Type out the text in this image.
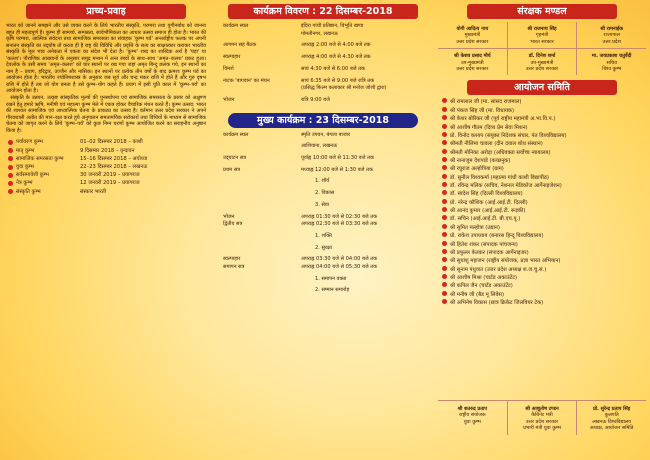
प्राच्य-प्रवाह
भारत को जानने समझने और उसे व्यक्त करने के लिये भारतीय संस्कृति, परम्परा तथा युगीनबोध को जानना बहुत ही महत्वपूर्ण है। कुम्भ ही सामर्थ्य, सम्पन्नता, सार्वभौमिकता का आधार उत्सव समाज ही होता है। भारत की कृषि परम्परा, आत्मिक संवेदना तथा सामाजिक समरसता का संवाहक 'कुम्भ पर्व' अन्तर्राष्ट्रीय फलक पर अपनी सनातन संस्कृति का उद्‌घोष तो करता ही है राष्ट्र की विविधि और प्रवृत्ति के सत्य का साक्षात्कार कराकर भारतीय संस्कृति के मूल भाव अनेकता में एकता का संदेश भी देता है। 'कुम्भ' शब्द का शाब्दिक अर्थ है 'घड़ा' या 'कलश'। पौराणिक आख्यानों के अनुसार समुद्र मन्थन में अन्त स्त्रवों के साथ–साथ 'अमृत–कलश' प्रकट हुआ। देवलोक के उसी समय 'अमृत–कलश' को चार स्थानों पर रख गया जहां अमृत बिन्दु छलक गये, इन स्थानों का नाम है – प्रयाग, हरिद्वार, उज्जैन और नासिक। इन स्थानों पर प्रत्येक तीन वर्षों के बाद क्रमशः कुम्भ पर्व का आयोजन होता है। भारतीय ज्योतिषशास्त्र के अनुसार जब सूर्य और चन्द्र मकर राशि में होते हैं और गुरु वृषभ राशि में होते हैं तब जो योग बनता है उसे कुम्भ–योग कहते हैं। प्रयाग में इसी युति काल में 'कुम्भ–पर्व' का आयोजन होता है।
संस्कृति के उन्नयन, उत्कृष्ट सांस्कृतिक मूल्यों की पुनर्स्थापना एवं सामाजिक समरसता के प्रसार को अक्षुण्ण रखने हेतु हमारे ऋषि, मनीषी एवं महात्मा कुम्भ मेले में एकत्र होकर वैचारिक मंथन करते हैं। कुम्भ उत्सव: भारत की शाश्वत सामाजिक एवं आध्यात्मिक चेतना के प्राकट्य का उत्सव है। वर्तमान उत्तर प्रदेश सरकार ने अपने गौरवशाली अतीत की मान–रक्षा करते हुये अनुपालन समतामयिक सरोकारों तथा विधियों के माध्यम से सामाजिक चेतना को जागृत करने के लिये 'कुम्भ–पर्व' को कुछ निम्न चरणों कुम्भ आयोजित करने का सराहनीय अनुष्ठान किया है।
पर्यावरण कुम्भ	01–02 दिसम्बर 2018 – काशी
मातृ कुम्भ	9 दिसम्बर 2018 – वृन्दावन
सामाजिक समरसता कुम्भ	15–16 दिसम्बर 2018 – अयोध्या
युवा कुम्भ	22–23 दिसम्बर 2018 – लखनऊ
सर्वसमावेशी कुम्भ	30 जनवरी 2019 – प्रयागराज
नेत्र कुम्भ	12 जनवरी 2019 – प्रयागराज
संस्कृति कुम्भ	संस्कार भारती
कार्यक्रम विवरण : 22 दिसम्बर-2018
कार्यक्रम स्थल	इंदिरा गांधी प्रतिष्ठान, विभूति खण्ड
गोमतीनगर, लखनऊ
आगमन सह बैठक	अपराह्न 2:00 बजे से 4:00 बजे तक
स्वल्पाहार	अपराह्न 4:00 बजे से 4:30 बजे तक
विमर्श	सायं 4:30 बजे से 6:00 बजे तक
नाटक 'बागवान' का मंचन	सायं 6:35 बजे से 9:00 बजे रात्रि तक
(प्रसिद्ध फिल्म कलाकार श्री मनोज जोशी द्वारा)
भोजन	रात्रि 9:00 बजे
मुख्य कार्यक्रम : 23 दिसम्बर-2018
कार्यक्रम स्थल	स्मृति उपवन, बंगला बाजार
आशियाना, लखनऊ
उद्‌घाटन सत्र	पूर्वाह्न 10:00 बजे से 11:30 बजे तक
प्रथम सत्र	मध्याह्न 12:00 बजे से 1:30 बजे तक
1. शौर्य
2. विकास
3. सेवा
भोजन	अपराह्न 01:30 बजे से 02:30 बजे तक
द्वितीय सत्र	अपराह्न 02:30 बजे से 03:30 बजे तक
1. शक्ति
2. सुरक्षा
स्वल्पाहार	अपराह्न 03:30 बजे से 04:00 बजे तक
समापन सत्र	अपराह्न 04:00 बजे से 05:30 बजे तक
1. समापन वक्ता
2. सम्मान समारोह
संरक्षक मण्डल
योगी आदित्य नाथ
मुख्यमंत्री
उत्तर प्रदेश सरकार
श्री राजनाथ सिंह
गृहमंत्री
भारत सरकार
श्री रामनाईक
राज्यपाल
उत्तर प्रदेश
श्री केशव प्रसाद मौर्य
उप-मुख्यमंत्री
उत्तर प्रदेश सरकार
डॉ. दिनेश शर्मा
उप-मुख्यमंत्री
उत्तर प्रदेश सरकार
मा. जयप्रकाश चतुर्वेदी
सचिव
विश्व कुम्भ
आयोजन समिति
श्री रामलाल जी (मा. सांसद राजमाल)
श्री पंकज सिंह जी (मा. विधायक)
श्री केशर बोरिकर जी (पूर्व राष्ट्रीय महामंत्री अ.भा.वि.प.)
श्री आशीष गौतम (दिव्य प्रेम सेवा मिशन)
प्रो. विनोद कश्यप (संयुक्त निदेशक संचार, पंत विश्वविद्यालय)
श्रीमती नीलिमा चावला (दीन दयाल शोध संस्थान)
श्रीमती मोनिका अरोड़ा (अधिवक्ता सर्वोच्च न्यायालय)
श्री नानाजुम देशपांडे (कच्छनुक)
श्री रघुराज अल्होत्रिया (ग्राम)
डॉ. सुनील विश्वकर्मा (महात्मा गांधी काशी विद्यापीठ)
डॉ. रविन्द्र मलिक (सचिव, नेशनल मेडिकोज आर्गेनाइजेशन)
डॉ. स्वदेश सिंह (दिल्ली विश्वविद्यालय)
प्रो. नरेन्द्र कौशिक (आई.आई.टी. दिल्ली)
श्री आनंद कुमार (आई.आई.टी. रूड़की)
डॉ. सचिन (आई.आई.टी. बी.एच.यू.)
श्री सुमित मल्होत्रा (उद्यान)
प्रो. राकेश उपाध्याय (बनारस हिन्दू विश्वविद्यालय)
श्री हितेश शंकर (संपादक पांचजन्य)
श्री प्रफुल्ल केतकर (संपादक आर्गेनाइजर)
श्री सुधांशु महाजन (राष्ट्रीय संयोजक, प्रज्ञा भारत अभियान)
श्री सुनाम पंधुवात (उत्तर प्रदेश अध्यक्ष श.ज.चु.सं.)
श्री आशीष मिश्रा (चार्टड अकाउंटेंट)
श्री कपिल जैन (चार्टड अकाउंटेंट)
श्री मनीष जी (बैड मू लिवेस)
श्री अभिनेष विकास (छात्र क्रिकेट जिलवियर टेक)
श्री शतरुद्र प्रताप
राष्ट्रीय संयोजक
युवा कुम्भ
श्री आशुतोष टण्डन
कैबिनेट मंत्री
उत्तर प्रदेश सरकार
प्रभारी मंत्री युवा कुम्भ
प्रो. सुरेन्द्र प्रताप सिंह
कुलपति
लखनऊ विश्वविद्यालय
अध्यक्ष, आयोजन समिति
